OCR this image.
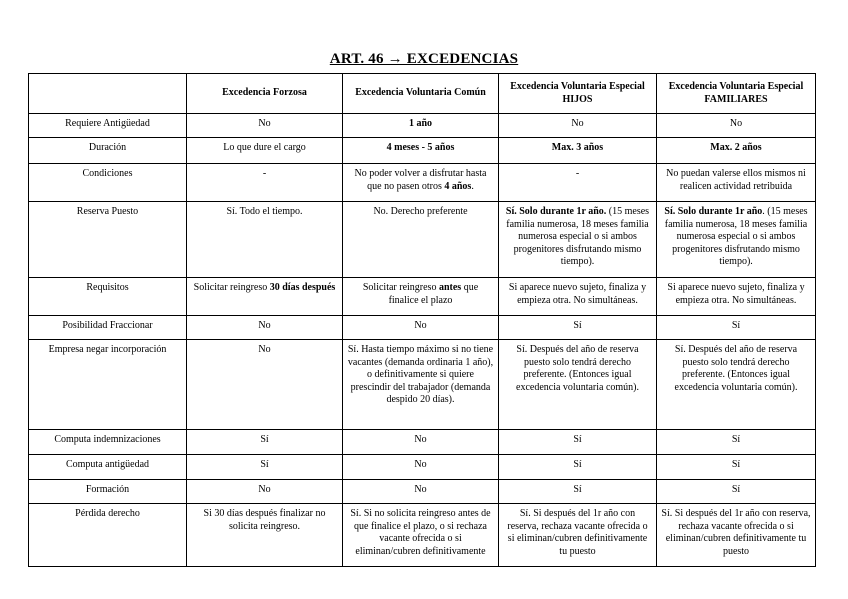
ART. 46 → EXCEDENCIAS
	Excedencia Forzosa	Excedencia Voluntaria Común	Excedencia Voluntaria Especial HIJOS	Excedencia Voluntaria Especial FAMILIARES
Requiere Antigüedad	No	1 año	No	No
Duración	Lo que dure el cargo	4 meses - 5 años	Max. 3 años	Max. 2 años
Condiciones	-	No poder volver a disfrutar hasta que no pasen otros 4 años.	-	No puedan valerse ellos mismos ni realicen actividad retribuida
Reserva Puesto	Sí. Todo el tiempo.	No. Derecho preferente	Sí. Solo durante 1r año. (15 meses familia numerosa, 18 meses familia numerosa especial o si ambos progenitores disfrutando mismo tiempo).	Sí. Solo durante 1r año. (15 meses familia numerosa, 18 meses familia numerosa especial o si ambos progenitores disfrutando mismo tiempo).
Requisitos	Solicitar reingreso 30 días después	Solicitar reingreso antes que finalice el plazo	Si aparece nuevo sujeto, finaliza y empieza otra. No simultáneas.	Si aparece nuevo sujeto, finaliza y empieza otra. No simultáneas.
Posibilidad Fraccionar	No	No	Sí	Sí
Empresa negar incorporación	No	Sí. Hasta tiempo máximo si no tiene vacantes (demanda ordinaria 1 año), o definitivamente si quiere prescindir del trabajador (demanda despido 20 días).	Sí. Después del año de reserva puesto solo tendrá derecho preferente. (Entonces igual excedencia voluntaria común).	Sí. Después del año de reserva puesto solo tendrá derecho preferente. (Entonces igual excedencia voluntaria común).
Computa indemnizaciones	Sí	No	Sí	Sí
Computa antigüedad	Sí	No	Sí	Sí
Formación	No	No	Sí	Sí
Pérdida derecho	Si 30 días después finalizar no solicita reingreso.	Sí. Si no solicita reingreso antes de que finalice el plazo, o si rechaza vacante ofrecida o si eliminan/cubren definitivamente	Sí. Si después del 1r año con reserva, rechaza vacante ofrecida o si eliminan/cubren definitivamente tu puesto	Sí. Si después del 1r año con reserva, rechaza vacante ofrecida o si eliminan/cubren definitivamente tu puesto
